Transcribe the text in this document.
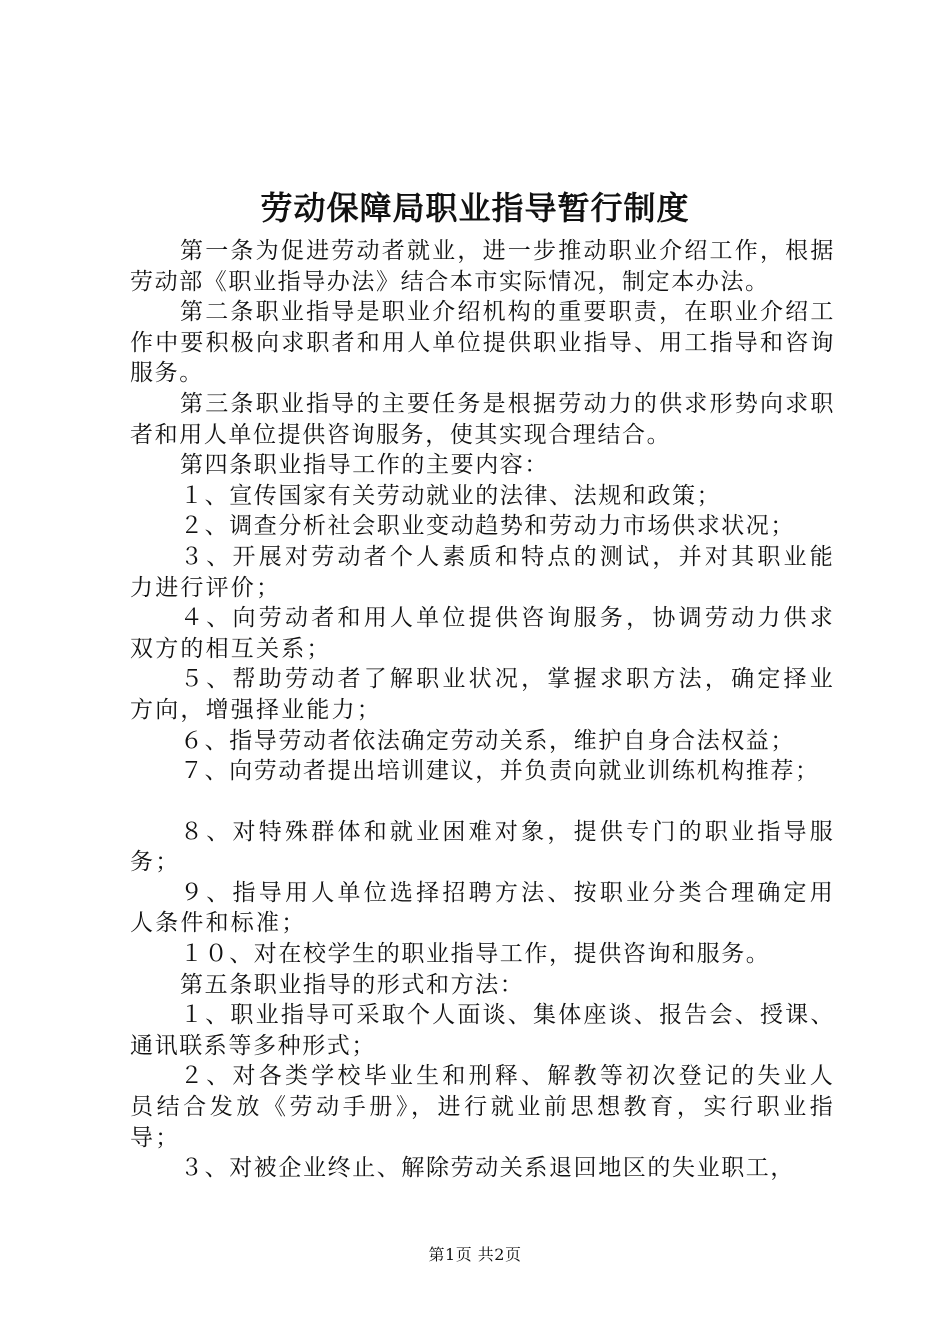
劳动保障局职业指导暂行制度

第一条为促进劳动者就业，进一步推动职业介绍工作，根据劳动部《职业指导办法》结合本市实际情况，制定本办法。

第二条职业指导是职业介绍机构的重要职责，在职业介绍工作中要积极向求职者和用人单位提供职业指导、用工指导和咨询服务。

第三条职业指导的主要任务是根据劳动力的供求形势向求职者和用人单位提供咨询服务，使其实现合理结合。

第四条职业指导工作的主要内容：

１、宣传国家有关劳动就业的法律、法规和政策；

２、调查分析社会职业变动趋势和劳动力市场供求状况；

３、开展对劳动者个人素质和特点的测试，并对其职业能力进行评价；

４、向劳动者和用人单位提供咨询服务，协调劳动力供求双方的相互关系；

５、帮助劳动者了解职业状况，掌握求职方法，确定择业方向，增强择业能力；

６、指导劳动者依法确定劳动关系，维护自身合法权益；

７、向劳动者提出培训建议，并负责向就业训练机构推荐；

８、对特殊群体和就业困难对象，提供专门的职业指导服务；

９、指导用人单位选择招聘方法、按职业分类合理确定用人条件和标准；

１０、对在校学生的职业指导工作，提供咨询和服务。

第五条职业指导的形式和方法：

１、职业指导可采取个人面谈、集体座谈、报告会、授课、通讯联系等多种形式；

２、对各类学校毕业生和刑释、解教等初次登记的失业人员结合发放《劳动手册》，进行就业前思想教育，实行职业指导；

３、对被企业终止、解除劳动关系退回地区的失业职工，

第1页 共2页
